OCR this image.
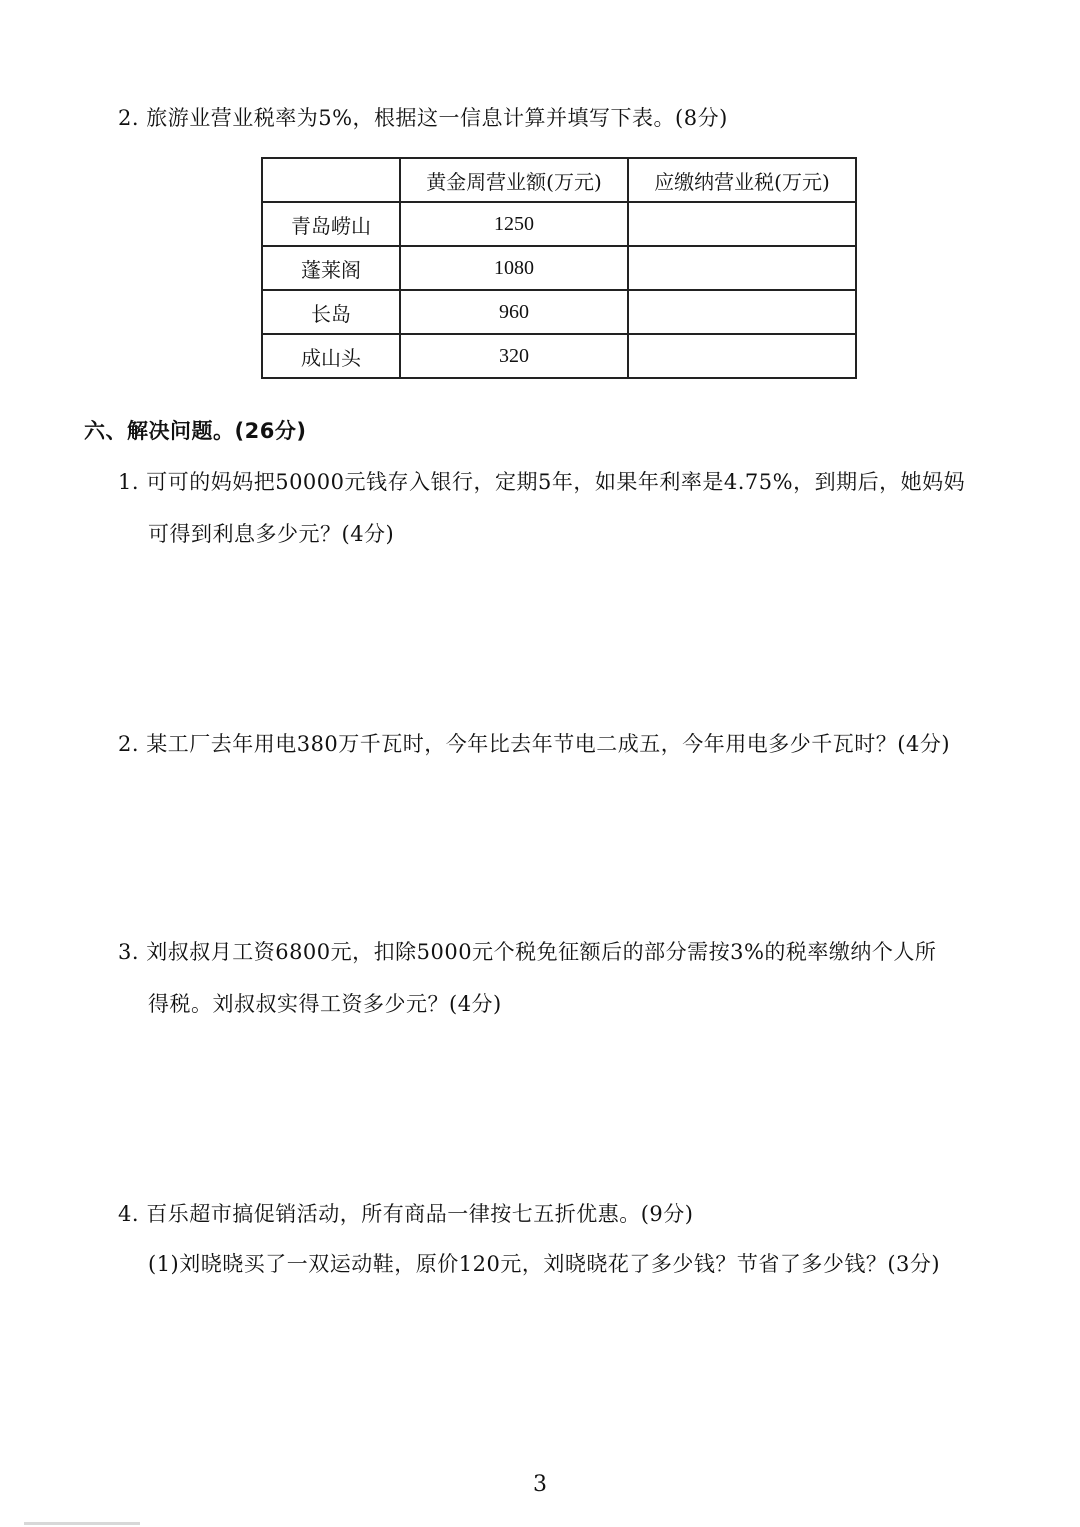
2. 旅游业营业税率为5%，根据这一信息计算并填写下表。(8分)
	黄金周营业额(万元)	应缴纳营业税(万元)
青岛崂山	1250	
蓬莱阁	1080	
长岛	960	
成山头	320	
六、解决问题。(26分)
1. 可可的妈妈把50000元钱存入银行，定期5年，如果年利率是4.75%，到期后，她妈妈
可得到利息多少元？(4分)
2. 某工厂去年用电380万千瓦时，今年比去年节电二成五，今年用电多少千瓦时？(4分)
3. 刘叔叔月工资6800元，扣除5000元个税免征额后的部分需按3%的税率缴纳个人所
得税。刘叔叔实得工资多少元？(4分)
4. 百乐超市搞促销活动，所有商品一律按七五折优惠。(9分)
(1)刘晓晓买了一双运动鞋，原价120元，刘晓晓花了多少钱？节省了多少钱？(3分)
3
